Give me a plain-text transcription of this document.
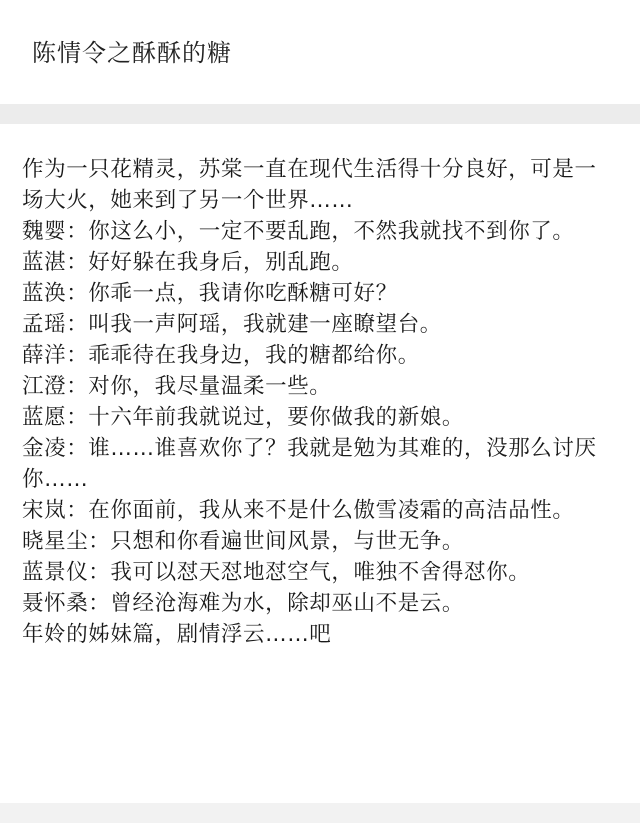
陈情令之酥酥的糖

作为一只花精灵，苏棠一直在现代生活得十分良好，可是一场大火，她来到了另一个世界……

魏婴：你这么小，一定不要乱跑，不然我就找不到你了。

蓝湛：好好躲在我身后，别乱跑。

蓝涣：你乖一点，我请你吃酥糖可好？

孟瑶：叫我一声阿瑶，我就建一座瞭望台。

薛洋：乖乖待在我身边，我的糖都给你。

江澄：对你，我尽量温柔一些。

蓝愿：十六年前我就说过，要你做我的新娘。

金凌：谁……谁喜欢你了？我就是勉为其难的，没那么讨厌你……

宋岚：在你面前，我从来不是什么傲雪凌霜的高洁品性。

晓星尘：只想和你看遍世间风景，与世无争。

蓝景仪：我可以怼天怼地怼空气，唯独不舍得怼你。

聂怀桑：曾经沧海难为水，除却巫山不是云。

年姈的姊妹篇，剧情浮云……吧
